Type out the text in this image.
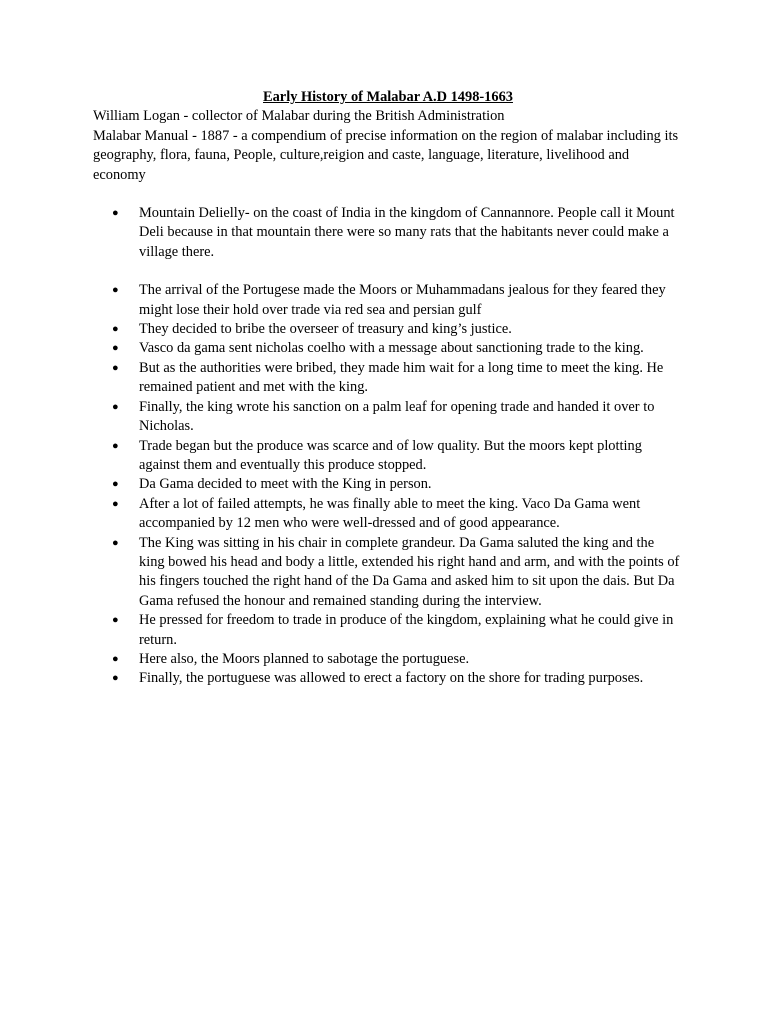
Early History of Malabar A.D 1498-1663

William Logan - collector of Malabar during the British Administration

Malabar Manual - 1887 - a compendium of precise information on the region of malabar including its geography, flora, fauna, People, culture,reigion and caste, language, literature, livelihood and economy

● Mountain Delielly- on the coast of India in the kingdom of Cannannore. People call it Mount Deli because in that mountain there were so many rats that the habitants never could make a village there.
● The arrival of the Portugese made the Moors or Muhammadans jealous for they feared they might lose their hold over trade via red sea and persian gulf
● They decided to bribe the overseer of treasury and king’s justice.
● Vasco da gama sent nicholas coelho with a message about sanctioning trade to the king.
● But as the authorities were bribed, they made him wait for a long time to meet the king. He remained patient and met with the king.
● Finally, the king wrote his sanction on a palm leaf for opening trade and handed it over to Nicholas.
● Trade began but the produce was scarce and of low quality. But the moors kept plotting against them and eventually this produce stopped.
● Da Gama decided to meet with the King in person.
● After a lot of failed attempts, he was finally able to meet the king. Vaco Da Gama went accompanied by 12 men who were well-dressed and of good appearance.
● The King was sitting in his chair in complete grandeur. Da Gama saluted the king and the king bowed his head and body a little, extended his right hand and arm, and with the points of his fingers touched the right hand of the Da Gama and asked him to sit upon the dais. But Da Gama refused the honour and remained standing during the interview.
● He pressed for freedom to trade in produce of the kingdom, explaining what he could give in return.
● Here also, the Moors planned to sabotage the portuguese.
● Finally, the portuguese was allowed to erect a factory on the shore for trading purposes.
